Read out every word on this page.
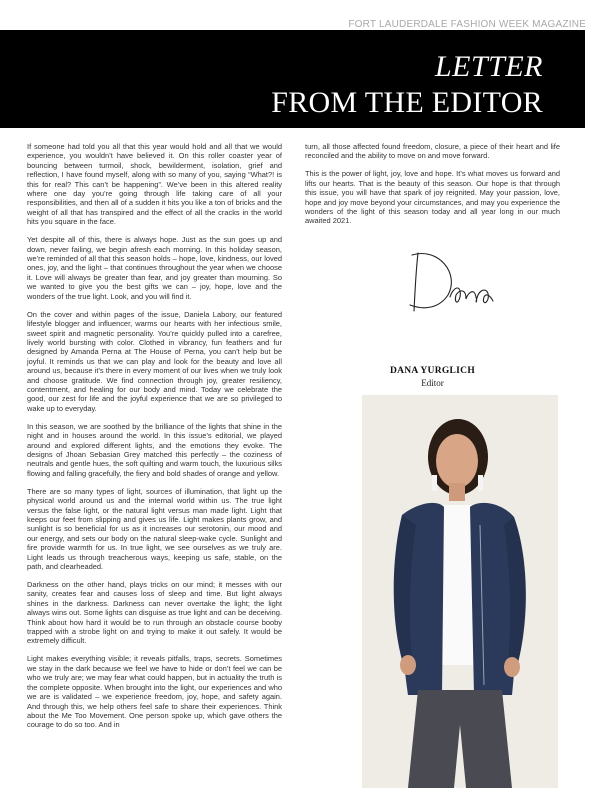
FORT LAUDERDALE FASHION WEEK MAGAZINE
LETTER
FROM THE EDITOR

If someone had told you all that this year would hold and all that we would experience, you wouldn’t have believed it. On this roller coaster year of bouncing between turmoil, shock, bewilderment, isolation, grief and reflection, I have found myself, along with so many of you, saying “What?! is this for real? This can’t be happening”. We’ve been in this altered reality where one day you’re going through life taking care of all your responsibilities, and then all of a sudden it hits you like a ton of bricks and the weight of all that has transpired and the effect of all the cracks in the world hits you square in the face.

Yet despite all of this, there is always hope. Just as the sun goes up and down, never failing, we begin afresh each morning. In this holiday season, we’re reminded of all that this season holds – hope, love, kindness, our loved ones, joy, and the light – that continues throughout the year when we choose it. Love will always be greater than fear, and joy greater than mourning. So we wanted to give you the best gifts we can – joy, hope, love and the wonders of the true light. Look, and you will find it.

On the cover and within pages of the issue, Daniela Labory, our featured lifestyle blogger and influencer, warms our hearts with her infectious smile, sweet spirit and magnetic personality. You’re quickly pulled into a carefree, lively world bursting with color. Clothed in vibrancy, fun feathers and fur designed by Amanda Perna at The House of Perna, you can’t help but be joyful. It reminds us that we can play and look for the beauty and love all around us, because it’s there in every moment of our lives when we truly look and choose gratitude. We find connection through joy, greater resiliency, contentment, and healing for our body and mind. Today we celebrate the good, our zest for life and the joyful experience that we are so privileged to wake up to everyday.

In this season, we are soothed by the brilliance of the lights that shine in the night and in houses around the world. In this issue’s editorial, we played around and explored different lights, and the emotions they evoke. The designs of Jhoan Sebasian Grey matched this perfectly – the coziness of neutrals and gentle hues, the soft quilting and warm touch, the luxurious silks flowing and falling gracefully, the fiery and bold shades of orange and yellow.

There are so many types of light, sources of illumination, that light up the physical world around us and the internal world within us. The true light versus the false light, or the natural light versus man made light. Light that keeps our feet from slipping and gives us life. Light makes plants grow, and sunlight is so beneficial for us as it increases our serotonin, our mood and our energy, and sets our body on the natural sleep-wake cycle. Sunlight and fire provide warmth for us. In true light, we see ourselves as we truly are. Light leads us through treacherous ways, keeping us safe, stable, on the path, and clearheaded.

Darkness on the other hand, plays tricks on our mind; it messes with our sanity, creates fear and causes loss of sleep and time. But light always shines in the darkness. Darkness can never overtake the light; the light always wins out. Some lights can disguise as true light and can be deceiving. Think about how hard it would be to run through an obstacle course booby trapped with a strobe light on and trying to make it out safely. It would be extremely difficult.

Light makes everything visible; it reveals pitfalls, traps, secrets. Sometimes we stay in the dark because we feel we have to hide or don’t feel we can be who we truly are; we may fear what could happen, but in actuality the truth is the complete opposite. When brought into the light, our experiences and who we are is validated – we experience freedom, joy, hope, and safety again. And through this, we help others feel safe to share their experiences. Think about the Me Too Movement. One person spoke up, which gave others the courage to do so too. And in

turn, all those affected found freedom, closure, a piece of their heart and life reconciled and the ability to move on and move forward.

This is the power of light, joy, love and hope. It’s what moves us forward and lifts our hearts. That is the beauty of this season. Our hope is that through this issue, you will have that spark of joy reignited. May your passion, love, hope and joy move beyond your circumstances, and may you experience the wonders of the light of this season today and all year long in our much awaited 2021.

DANA YURGLICH
Editor
